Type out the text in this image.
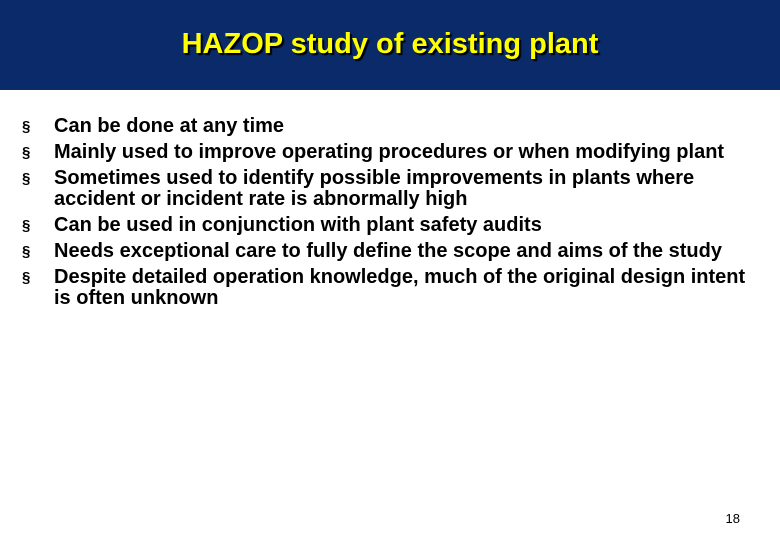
HAZOP study of existing plant
§	Can be done at any time
§	Mainly used to improve operating procedures or when modifying plant
§	Sometimes used to identify possible improvements in plants where accident or incident rate is abnormally high
§	Can be used in conjunction with plant safety audits
§	Needs exceptional care to fully define the scope and aims of the study
§	Despite detailed operation knowledge, much of the original design intent is often unknown
18
